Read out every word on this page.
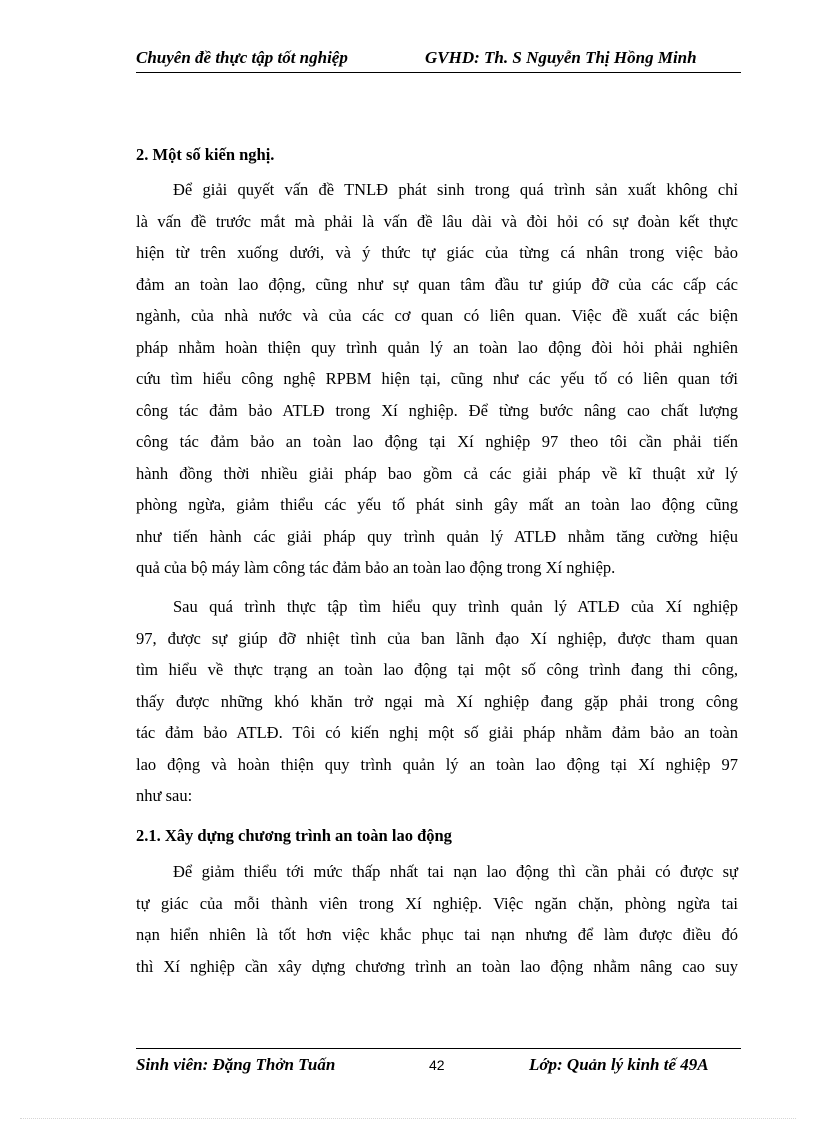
Chuyên đề thực tập tốt nghiệp	GVHD: Th. S Nguyễn Thị Hồng Minh
2. Một số kiến nghị.
Để giải quyết vấn đề TNLĐ phát sinh trong quá trình sản xuất không chỉ
là vấn đề trước mắt mà phải là vấn đề lâu dài và đòi hỏi có sự đoàn kết thực
hiện từ trên xuống dưới, và ý thức tự giác của từng cá nhân trong việc bảo
đảm an toàn lao động, cũng như sự quan tâm đầu tư giúp đỡ của các cấp các
ngành, của nhà nước và của các cơ quan có liên quan. Việc đề xuất các biện
pháp nhằm hoàn thiện quy trình quản lý an toàn lao động đòi hỏi phải nghiên
cứu tìm hiểu công nghệ RPBM hiện tại, cũng như các yếu tố có liên quan tới
công tác đảm bảo ATLĐ trong Xí nghiệp. Để từng bước nâng cao chất lượng
công tác đảm bảo an toàn lao động tại Xí nghiệp 97 theo tôi cần phải tiến
hành đồng thời nhiều giải pháp bao gồm cả các giải pháp về kĩ thuật xử lý
phòng ngừa, giảm thiểu các yếu tố phát sinh gây mất an toàn lao động cũng
như tiến hành các giải pháp quy trình quản lý ATLĐ nhằm tăng cường hiệu
quả của bộ máy làm công tác đảm bảo an toàn lao động trong Xí nghiệp.
Sau quá trình thực tập tìm hiểu quy trình quản lý ATLĐ của Xí nghiệp
97, được sự giúp đỡ nhiệt tình của ban lãnh đạo Xí nghiệp, được tham quan
tìm hiểu về thực trạng an toàn lao động tại một số công trình đang thi công,
thấy được những khó khăn trở ngại mà Xí nghiệp đang gặp phải trong công
tác đảm bảo ATLĐ. Tôi có kiến nghị một số giải pháp nhằm đảm bảo an toàn
lao động và hoàn thiện quy trình quản lý an toàn lao động tại Xí nghiệp 97
như sau:
2.1. Xây dựng chương trình an toàn lao động
Để giảm thiểu tới mức thấp nhất tai nạn lao động thì cần phải có được sự
tự giác của mỗi thành viên trong Xí nghiệp. Việc ngăn chặn, phòng ngừa tai
nạn hiển nhiên là tốt hơn việc khắc phục tai nạn nhưng để làm được điều đó
thì Xí nghiệp cần xây dựng chương trình an toàn lao động nhằm nâng cao suy
Sinh viên: Đặng Thởn Tuấn	Lớp: Quản lý kinh tế 49A
42
